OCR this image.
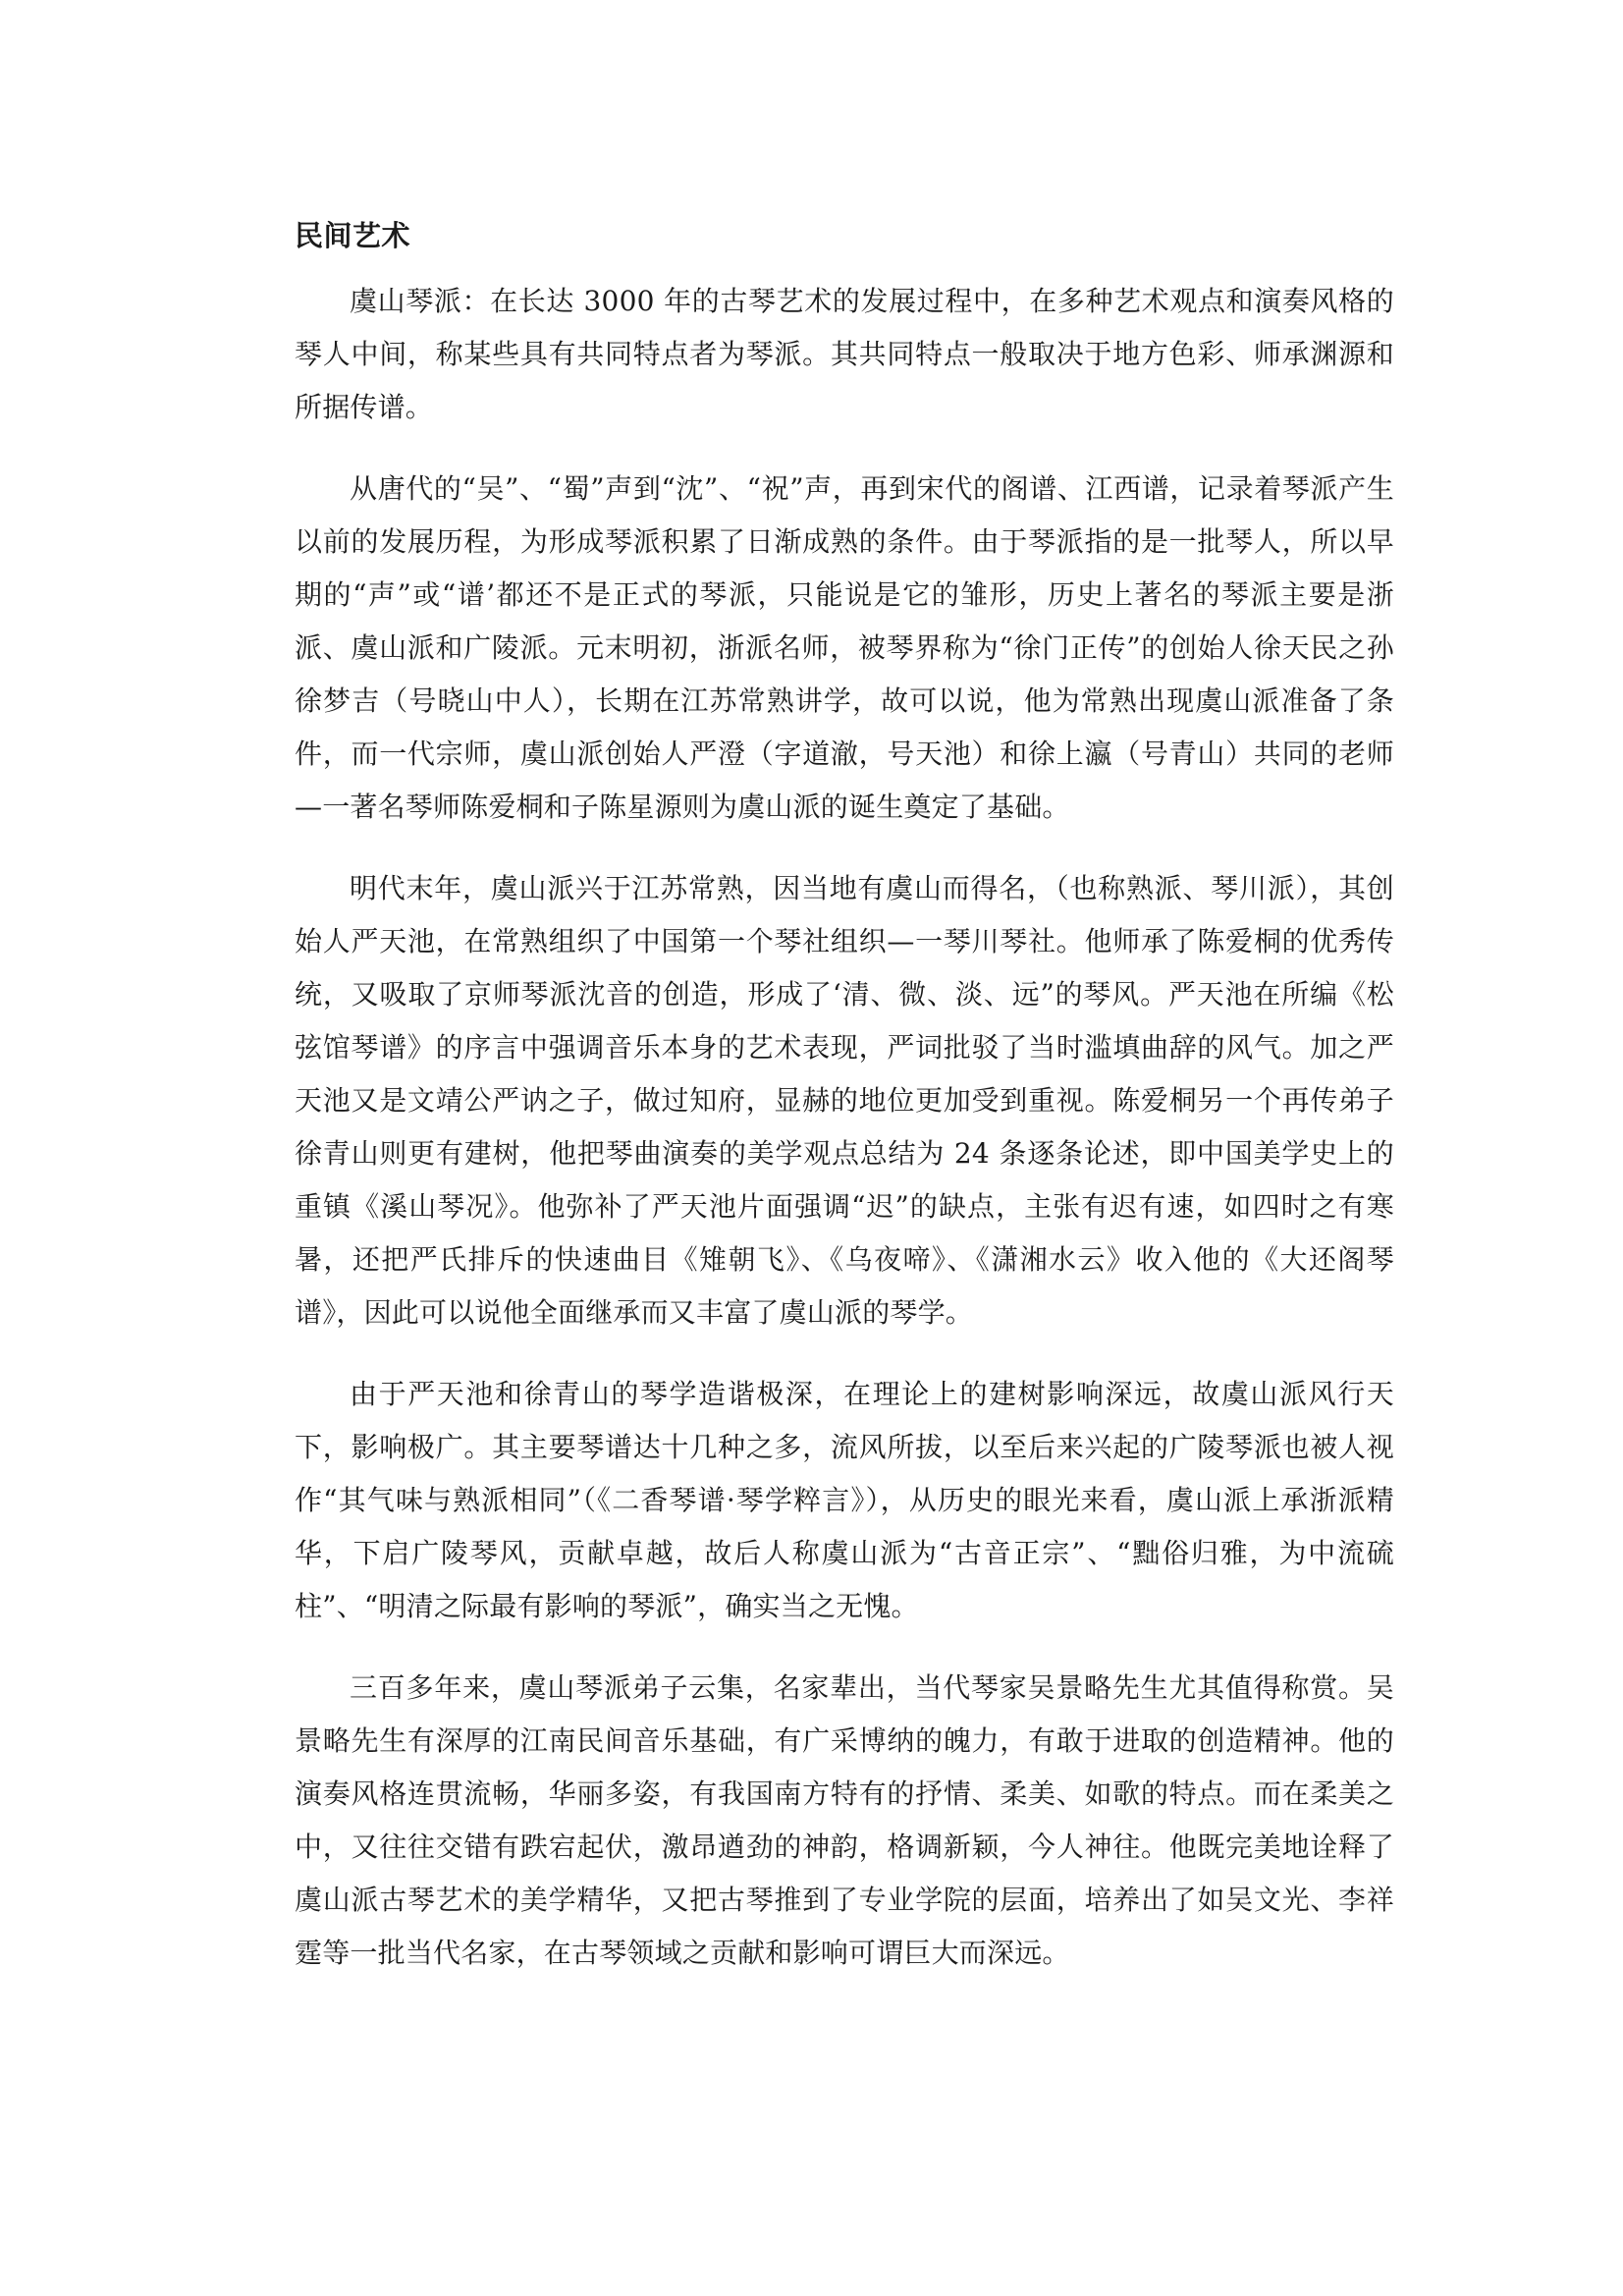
民间艺术

虞山琴派：在长达 3000 年的古琴艺术的发展过程中，在多种艺术观点和演奏风格的琴人中间，称某些具有共同特点者为琴派。其共同特点一般取决于地方色彩、师承渊源和所据传谱。

从唐代的“吴”、“蜀”声到“沈”、“祝”声，再到宋代的阁谱、江西谱，记录着琴派产生以前的发展历程，为形成琴派积累了日渐成熟的条件。由于琴派指的是一批琴人，所以早期的“声”或“谱’都还不是正式的琴派，只能说是它的雏形，历史上著名的琴派主要是浙派、虞山派和广陵派。元末明初，浙派名师，被琴界称为“徐门正传”的创始人徐天民之孙徐梦吉（号晓山中人），长期在江苏常熟讲学，故可以说，他为常熟出现虞山派准备了条件，而一代宗师，虞山派创始人严澄（字道澈，号天池）和徐上瀛（号青山）共同的老师—一著名琴师陈爱桐和子陈星源则为虞山派的诞生奠定了基础。

明代末年，虞山派兴于江苏常熟，因当地有虞山而得名，（也称熟派、琴川派），其创始人严天池，在常熟组织了中国第一个琴社组织—一琴川琴社。他师承了陈爱桐的优秀传统，又吸取了京师琴派沈音的创造，形成了‘清、微、淡、远”的琴风。严天池在所编《松弦馆琴谱》的序言中强调音乐本身的艺术表现，严词批驳了当时滥填曲辞的风气。加之严天池又是文靖公严讷之子，做过知府，显赫的地位更加受到重视。陈爱桐另一个再传弟子徐青山则更有建树，他把琴曲演奏的美学观点总结为 24 条逐条论述，即中国美学史上的重镇《溪山琴况》。他弥补了严天池片面强调“迟”的缺点，主张有迟有速，如四时之有寒暑，还把严氏排斥的快速曲目《雉朝飞》、《乌夜啼》、《潇湘水云》收入他的《大还阁琴谱》，因此可以说他全面继承而又丰富了虞山派的琴学。

由于严天池和徐青山的琴学造谐极深，在理论上的建树影响深远，故虞山派风行天下，影响极广。其主要琴谱达十几种之多，流风所拔，以至后来兴起的广陵琴派也被人视作“其气味与熟派相同”（《二香琴谱·琴学粹言》），从历史的眼光来看，虞山派上承浙派精华，下启广陵琴风，贡献卓越，故后人称虞山派为“古音正宗”、“黜俗归雅，为中流硫柱”、“明清之际最有影响的琴派”，确实当之无愧。

三百多年来，虞山琴派弟子云集，名家辈出，当代琴家吴景略先生尤其值得称赏。吴景略先生有深厚的江南民间音乐基础，有广采博纳的魄力，有敢于进取的创造精神。他的演奏风格连贯流畅，华丽多姿，有我国南方特有的抒情、柔美、如歌的特点。而在柔美之中，又往往交错有跌宕起伏，激昂遒劲的神韵，格调新颖，今人神往。他既完美地诠释了虞山派古琴艺术的美学精华，又把古琴推到了专业学院的层面，培养出了如吴文光、李祥霆等一批当代名家，在古琴领域之贡献和影响可谓巨大而深远。
